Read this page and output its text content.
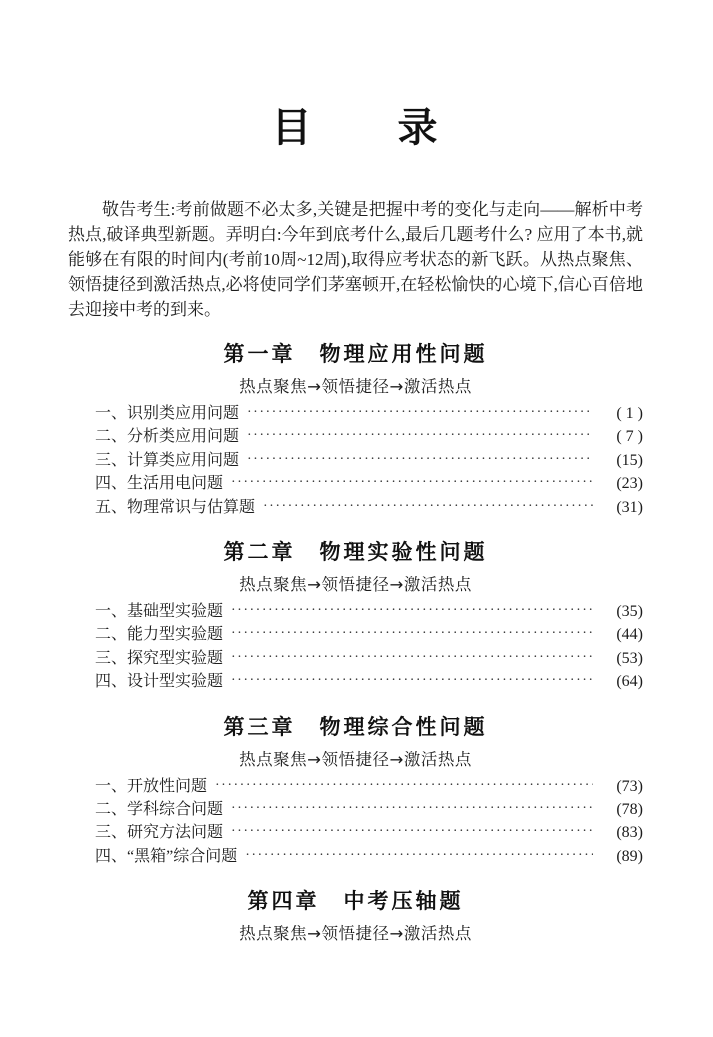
目　　录

敬告考生:考前做题不必太多,关键是把握中考的变化与走向——解析中考热点,破译典型新题。弄明白:今年到底考什么,最后几题考什么? 应用了本书,就能够在有限的时间内(考前10周~12周),取得应考状态的新飞跃。从热点聚焦、领悟捷径到激活热点,必将使同学们茅塞顿开,在轻松愉快的心境下,信心百倍地去迎接中考的到来。

第一章　物理应用性问题
热点聚焦→领悟捷径→激活热点
一、识别类应用问题 ·····	( 1 )
二、分析类应用问题 ·····	( 7 )
三、计算类应用问题 ·····	(15)
四、生活用电问题 ·····	(23)
五、物理常识与估算题 ·····	(31)
第二章　物理实验性问题
热点聚焦→领悟捷径→激活热点
一、基础型实验题 ·····	(35)
二、能力型实验题 ·····	(44)
三、探究型实验题 ·····	(53)
四、设计型实验题 ·····	(64)
第三章　物理综合性问题
热点聚焦→领悟捷径→激活热点
一、开放性问题 ·····	(73)
二、学科综合问题 ·····	(78)
三、研究方法问题 ·····	(83)
四、“黑箱”综合问题 ·····	(89)
第四章　中考压轴题
热点聚焦→领悟捷径→激活热点
